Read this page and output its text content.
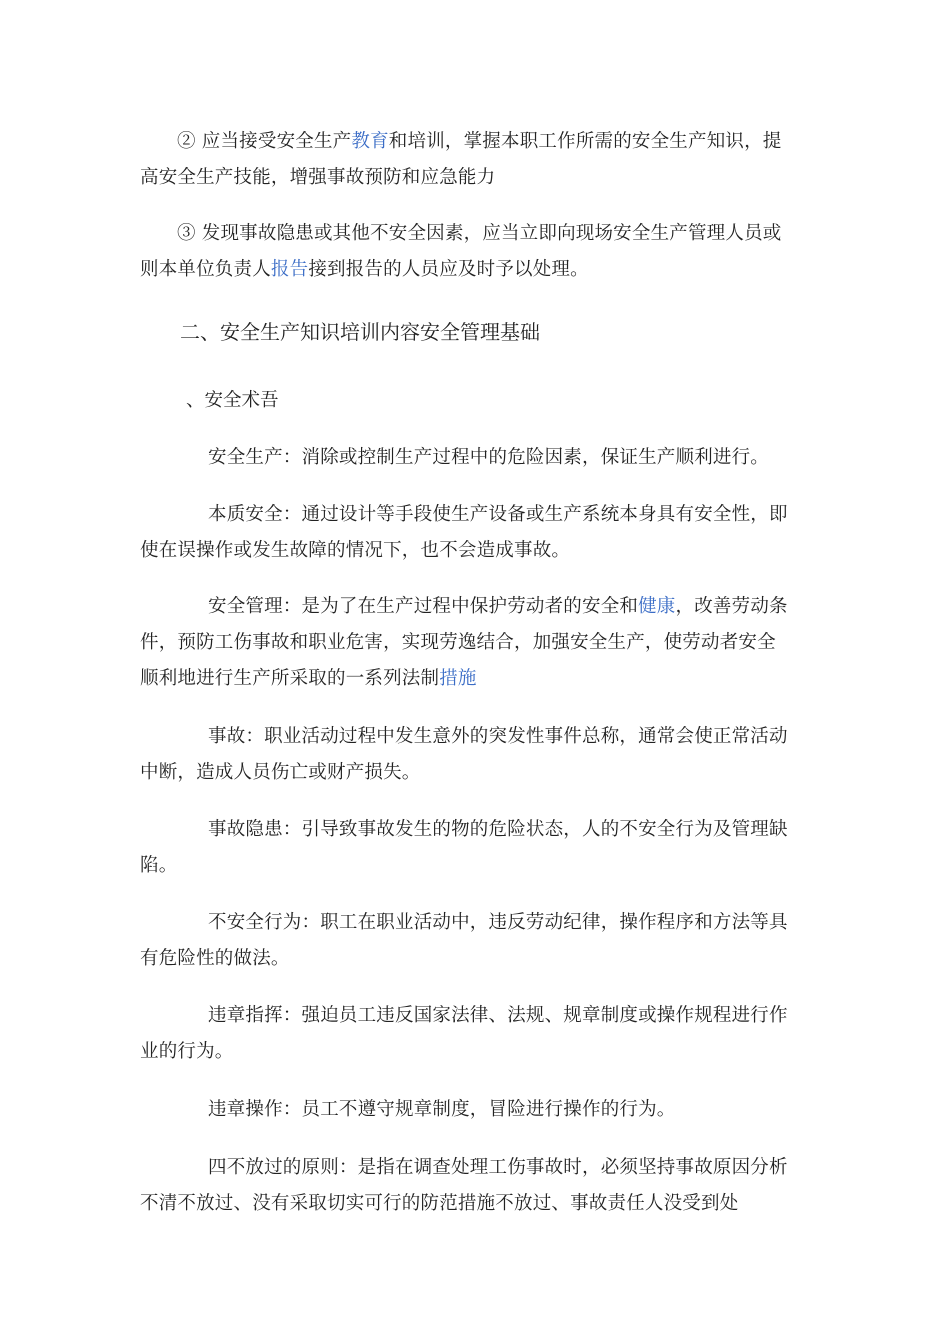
② 应当接受安全生产教育和培训，掌握本职工作所需的安全生产知识，提高安全生产技能，增强事故预防和应急能力

③ 发现事故隐患或其他不安全因素，应当立即向现场安全生产管理人员或则本单位负责人报告接到报告的人员应及时予以处理。

二、安全生产知识培训内容安全管理基础

、安全术吾

安全生产：消除或控制生产过程中的危险因素，保证生产顺利进行。

本质安全：通过设计等手段使生产设备或生产系统本身具有安全性，即使在误操作或发生故障的情况下，也不会造成事故。

安全管理：是为了在生产过程中保护劳动者的安全和健康，改善劳动条件，预防工伤事故和职业危害，实现劳逸结合，加强安全生产，使劳动者安全顺利地进行生产所采取的一系列法制措施

事故：职业活动过程中发生意外的突发性事件总称，通常会使正常活动中断，造成人员伤亡或财产损失。

事故隐患：引导致事故发生的物的危险状态，人的不安全行为及管理缺陷。

不安全行为：职工在职业活动中，违反劳动纪律，操作程序和方法等具有危险性的做法。

违章指挥：强迫员工违反国家法律、法规、规章制度或操作规程进行作业的行为。

违章操作：员工不遵守规章制度，冒险进行操作的行为。

四不放过的原则：是指在调查处理工伤事故时，必须坚持事故原因分析不清不放过、没有采取切实可行的防范措施不放过、事故责任人没受到处
